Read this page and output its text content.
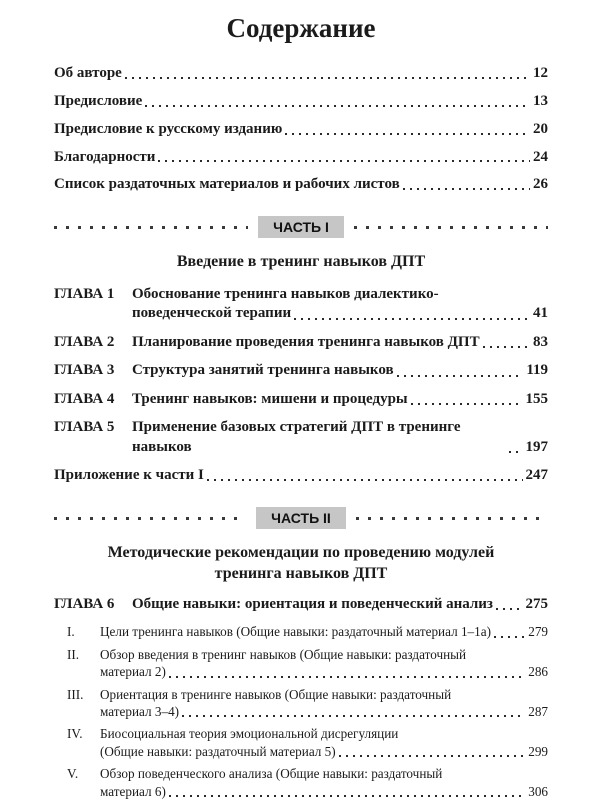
Содержание
Об авторе	12
Предисловие	13
Предисловие к русскому изданию	20
Благодарности	24
Список раздаточных материалов и рабочих листов	26
ЧАСТЬ I
Введение в тренинг навыков ДПТ
ГЛАВА 1	Обоснование тренинга навыков диалектико-
поведенческой терапии	41
ГЛАВА 2	Планирование проведения тренинга навыков ДПТ	83
ГЛАВА 3	Структура занятий тренинга навыков	119
ГЛАВА 4	Тренинг навыков: мишени и процедуры	155
ГЛАВА 5	Применение базовых стратегий ДПТ в тренинге навыков	197
Приложение к части I	247
ЧАСТЬ II
Методические рекомендации по проведению модулей
тренинга навыков ДПТ
ГЛАВА 6	Общие навыки: ориентация и поведенческий анализ 275
I.	Цели тренинга навыков (Общие навыки: раздаточный материал 1–1а)	279
II.	Обзор введения в тренинг навыков (Общие навыки: раздаточный
материал 2)	286
III.	Ориентация в тренинге навыков (Общие навыки: раздаточный
материал 3–4)	287
IV.	Биосоциальная теория эмоциональной дисрегуляции
(Общие навыки: раздаточный материал 5)	299
V.	Обзор поведенческого анализа (Общие навыки: раздаточный
материал 6)	306
